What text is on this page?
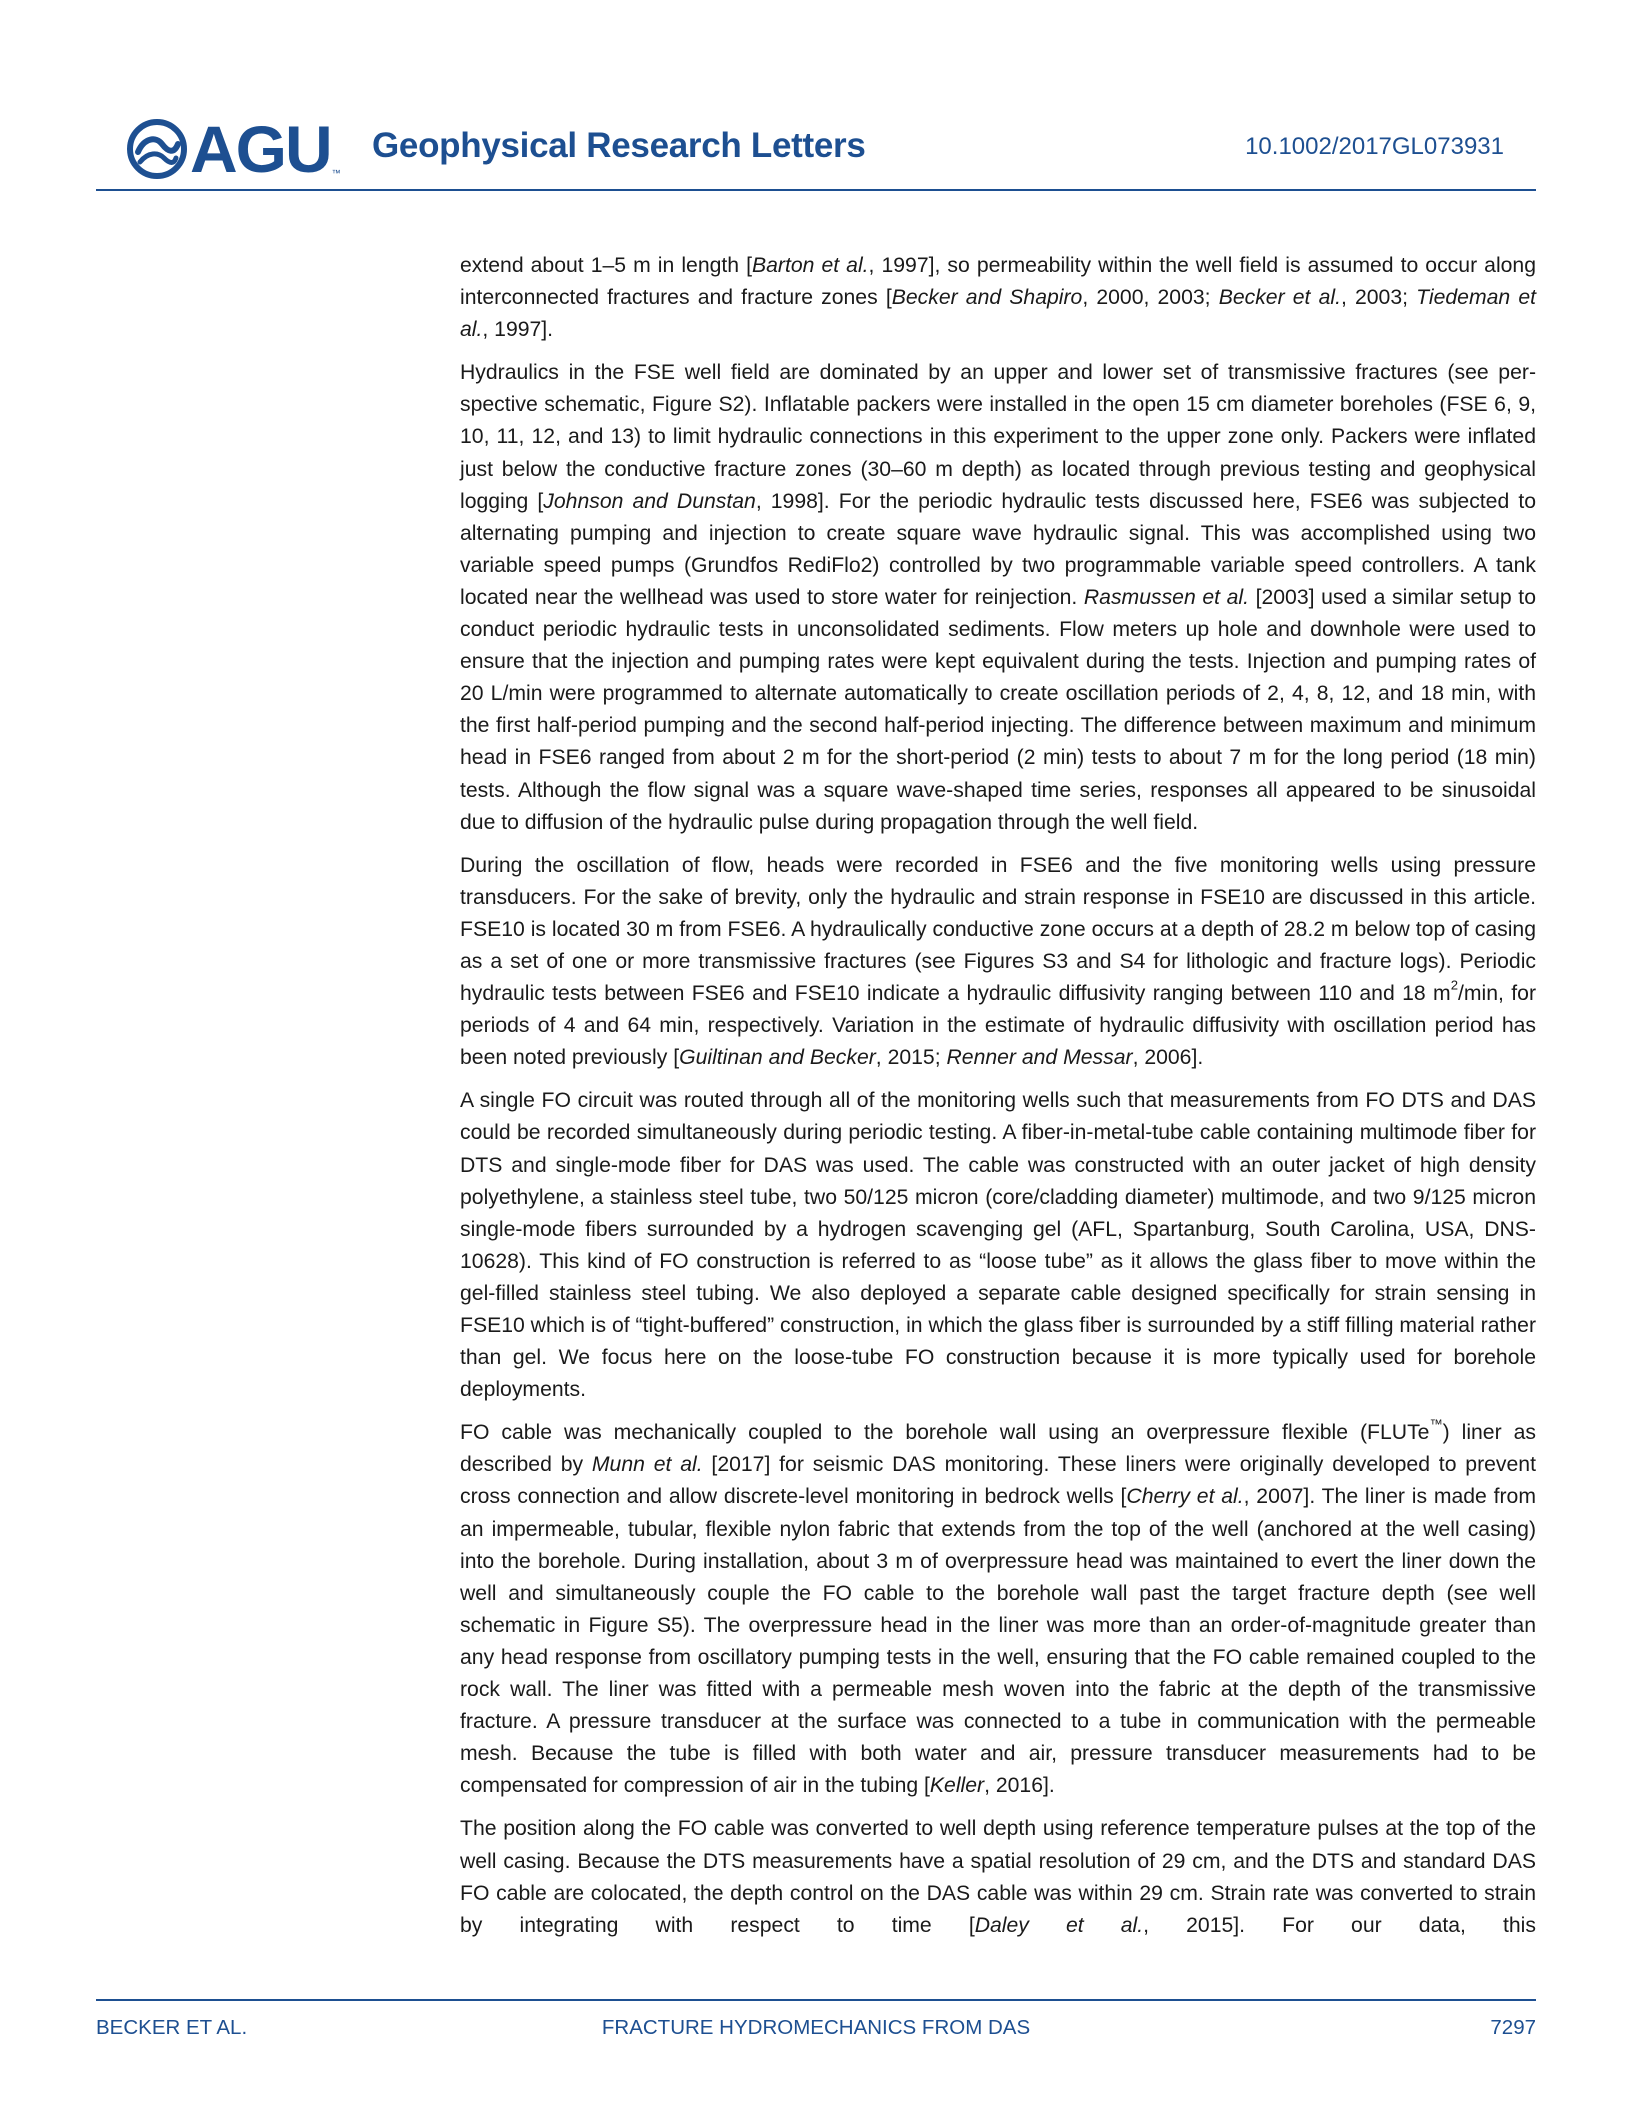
AGU ™
Geophysical Research Letters	10.1002/2017GL073931

extend about 1–5 m in length [Barton et al., 1997], so permeability within the well field is assumed to occur along interconnected fractures and fracture zones [Becker and Shapiro, 2000, 2003; Becker et al., 2003; Tiedeman et al., 1997].

Hydraulics in the FSE well field are dominated by an upper and lower set of transmissive fractures (see perspective schematic, Figure S2). Inflatable packers were installed in the open 15 cm diameter boreholes (FSE 6, 9, 10, 11, 12, and 13) to limit hydraulic connections in this experiment to the upper zone only. Packers were inflated just below the conductive fracture zones (30–60 m depth) as located through previous testing and geophysical logging [Johnson and Dunstan, 1998]. For the periodic hydraulic tests discussed here, FSE6 was subjected to alternating pumping and injection to create square wave hydraulic signal. This was accomplished using two variable speed pumps (Grundfos RediFlo2) controlled by two programmable variable speed controllers. A tank located near the wellhead was used to store water for reinjection. Rasmussen et al. [2003] used a similar setup to conduct periodic hydraulic tests in unconsolidated sediments. Flow meters up hole and downhole were used to ensure that the injection and pumping rates were kept equivalent during the tests. Injection and pumping rates of 20 L/min were programmed to alternate automatically to create oscillation periods of 2, 4, 8, 12, and 18 min, with the first half-period pumping and the second half-period injecting. The difference between maximum and minimum head in FSE6 ranged from about 2 m for the short-period (2 min) tests to about 7 m for the long period (18 min) tests. Although the flow signal was a square wave-shaped time series, responses all appeared to be sinusoidal due to diffusion of the hydraulic pulse during propagation through the well field.

During the oscillation of flow, heads were recorded in FSE6 and the five monitoring wells using pressure transducers. For the sake of brevity, only the hydraulic and strain response in FSE10 are discussed in this article. FSE10 is located 30 m from FSE6. A hydraulically conductive zone occurs at a depth of 28.2 m below top of casing as a set of one or more transmissive fractures (see Figures S3 and S4 for lithologic and fracture logs). Periodic hydraulic tests between FSE6 and FSE10 indicate a hydraulic diffusivity ranging between 110 and 18 $m^2/\min$, for periods of 4 and 64 min, respectively. Variation in the estimate of hydraulic diffusivity with oscillation period has been noted previously [Guiltinan and Becker, 2015; Renner and Messar, 2006].

A single FO circuit was routed through all of the monitoring wells such that measurements from FO DTS and DAS could be recorded simultaneously during periodic testing. A fiber-in-metal-tube cable containing multimode fiber for DTS and single-mode fiber for DAS was used. The cable was constructed with an outer jacket of high density polyethylene, a stainless steel tube, two 50/125 micron (core/cladding diameter) multimode, and two 9/125 micron single-mode fibers surrounded by a hydrogen scavenging gel (AFL, Spartanburg, South Carolina, USA, DNS-10628). This kind of FO construction is referred to as “loose tube” as it allows the glass fiber to move within the gel-filled stainless steel tubing. We also deployed a separate cable designed specifically for strain sensing in FSE10 which is of “tight-buffered” construction, in which the glass fiber is surrounded by a stiff filling material rather than gel. We focus here on the loose-tube FO construction because it is more typically used for borehole deployments.

FO cable was mechanically coupled to the borehole wall using an overpressure flexible (FLUTe™) liner as described by Munn et al. [2017] for seismic DAS monitoring. These liners were originally developed to prevent cross connection and allow discrete-level monitoring in bedrock wells [Cherry et al., 2007]. The liner is made from an impermeable, tubular, flexible nylon fabric that extends from the top of the well (anchored at the well casing) into the borehole. During installation, about 3 m of overpressure head was maintained to evert the liner down the well and simultaneously couple the FO cable to the borehole wall past the target fracture depth (see well schematic in Figure S5). The overpressure head in the liner was more than an order-of-magnitude greater than any head response from oscillatory pumping tests in the well, ensuring that the FO cable remained coupled to the rock wall. The liner was fitted with a permeable mesh woven into the fabric at the depth of the transmissive fracture. A pressure transducer at the surface was connected to a tube in communication with the permeable mesh. Because the tube is filled with both water and air, pressure transducer measurements had to be compensated for compression of air in the tubing [Keller, 2016].

The position along the FO cable was converted to well depth using reference temperature pulses at the top of the well casing. Because the DTS measurements have a spatial resolution of 29 cm, and the DTS and standard DAS FO cable are colocated, the depth control on the DAS cable was within 29 cm. Strain rate was converted to strain by integrating with respect to time [Daley et al., 2015]. For our data, this

BECKER ET AL.	FRACTURE HYDROMECHANICS FROM DAS	7297
